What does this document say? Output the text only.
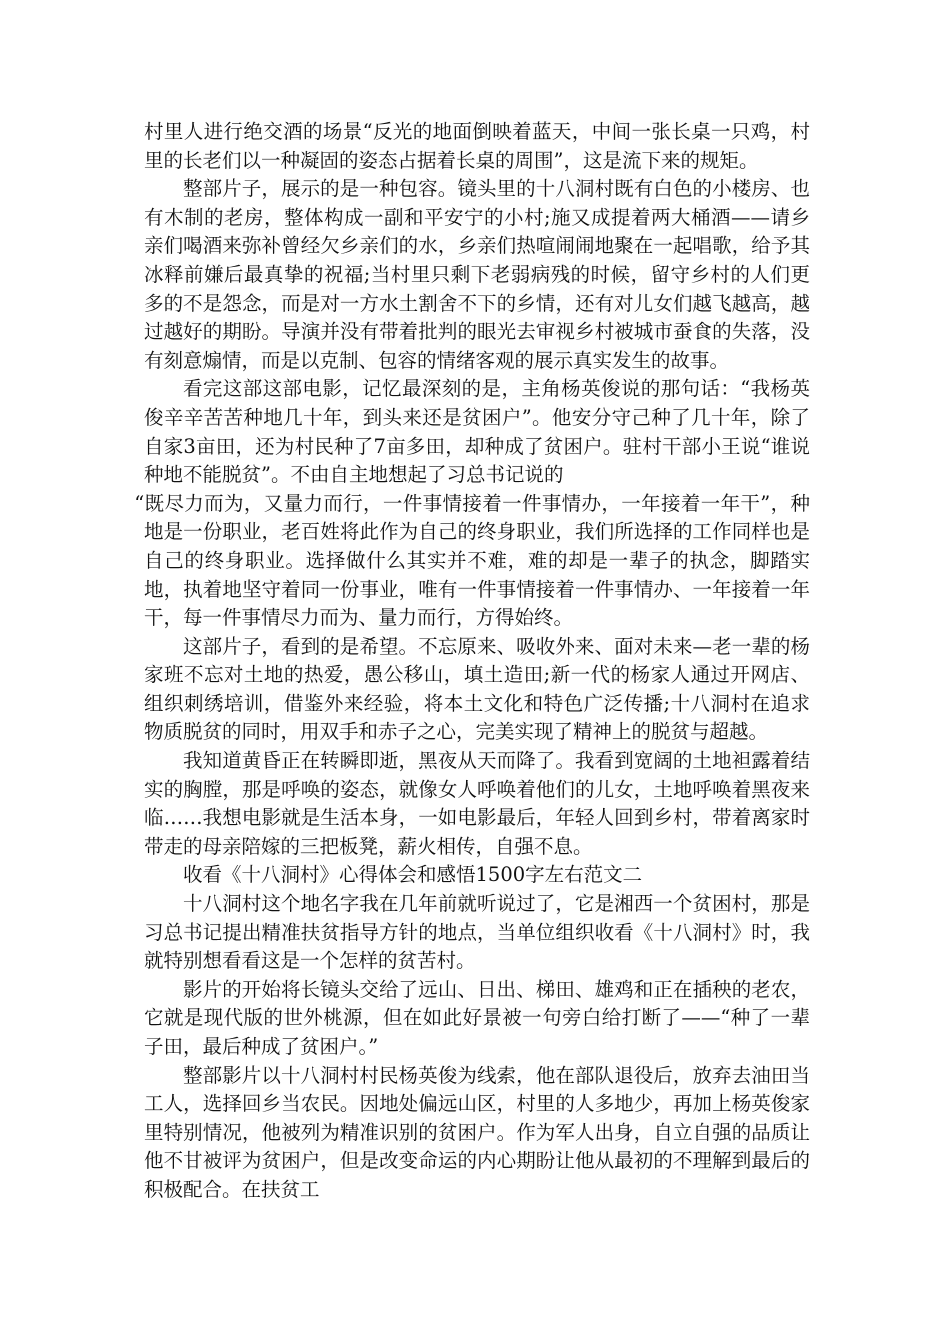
村里人进行绝交酒的场景“反光的地面倒映着蓝天，中间一张长桌一只鸡，村里的长老们以一种凝固的姿态占据着长桌的周围”，这是流下来的规矩。

整部片子，展示的是一种包容。镜头里的十八洞村既有白色的小楼房、也有木制的老房，整体构成一副和平安宁的小村;施又成提着两大桶酒——请乡亲们喝酒来弥补曾经欠乡亲们的水，乡亲们热喧闹闹地聚在一起唱歌，给予其冰释前嫌后最真挚的祝福;当村里只剩下老弱病残的时候，留守乡村的人们更多的不是怨念，而是对一方水土割舍不下的乡情，还有对儿女们越飞越高，越过越好的期盼。导演并没有带着批判的眼光去审视乡村被城市蚕食的失落，没有刻意煽情，而是以克制、包容的情绪客观的展示真实发生的故事。

看完这部这部电影，记忆最深刻的是，主角杨英俊说的那句话：“我杨英俊辛辛苦苦种地几十年，到头来还是贫困户”。他安分守己种了几十年，除了自家3亩田，还为村民种了7亩多田，却种成了贫困户。驻村干部小王说“谁说种地不能脱贫”。不由自主地想起了习总书记说的

“既尽力而为，又量力而行，一件事情接着一件事情办，一年接着一年干”，种地是一份职业，老百姓将此作为自己的终身职业，我们所选择的工作同样也是自己的终身职业。选择做什么其实并不难，难的却是一辈子的执念，脚踏实地，执着地坚守着同一份事业，唯有一件事情接着一件事情办、一年接着一年干，每一件事情尽力而为、量力而行，方得始终。

这部片子，看到的是希望。不忘原来、吸收外来、面对未来—老一辈的杨家班不忘对土地的热爱，愚公移山，填土造田;新一代的杨家人通过开网店、组织刺绣培训，借鉴外来经验，将本土文化和特色广泛传播;十八洞村在追求物质脱贫的同时，用双手和赤子之心，完美实现了精神上的脱贫与超越。

我知道黄昏正在转瞬即逝，黑夜从天而降了。我看到宽阔的土地袒露着结实的胸膛，那是呼唤的姿态，就像女人呼唤着他们的儿女，土地呼唤着黑夜来临……我想电影就是生活本身，一如电影最后，年轻人回到乡村，带着离家时带走的母亲陪嫁的三把板凳，薪火相传，自强不息。

收看《十八洞村》心得体会和感悟1500字左右范文二

十八洞村这个地名字我在几年前就听说过了，它是湘西一个贫困村，那是习总书记提出精准扶贫指导方针的地点，当单位组织收看《十八洞村》时，我就特别想看看这是一个怎样的贫苦村。

影片的开始将长镜头交给了远山、日出、梯田、雄鸡和正在插秧的老农，它就是现代版的世外桃源，但在如此好景被一句旁白给打断了——“种了一辈子田，最后种成了贫困户。”

整部影片以十八洞村村民杨英俊为线索，他在部队退役后，放弃去油田当工人，选择回乡当农民。因地处偏远山区，村里的人多地少，再加上杨英俊家里特别情况，他被列为精准识别的贫困户。作为军人出身，自立自强的品质让他不甘被评为贫困户，但是改变命运的内心期盼让他从最初的不理解到最后的积极配合。在扶贫工
